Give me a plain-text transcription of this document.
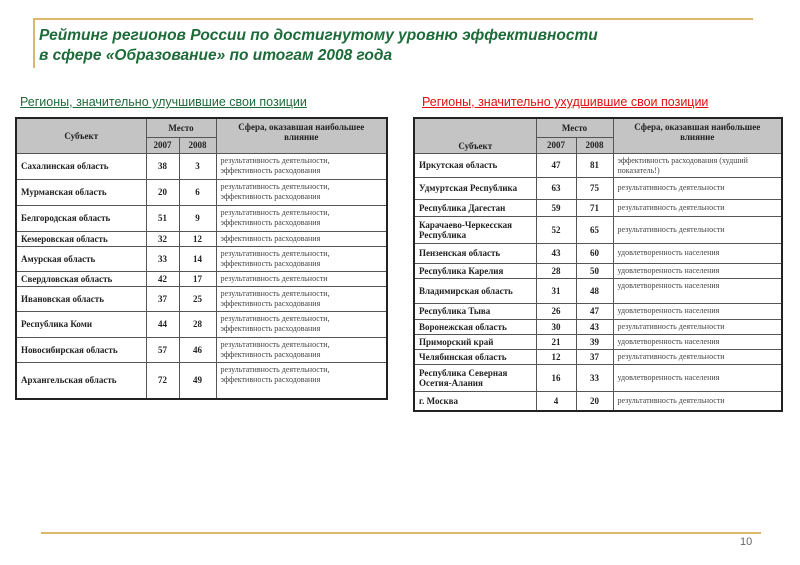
Рейтинг регионов России по достигнутому уровню эффективности
в сфере «Образование» по итогам 2008 года
Регионы, значительно улучшившие свои позиции	Регионы, значительно ухудшившие свои позиции
Субъект	Место		Сфера, оказавшая наибольшее влияние
	2007	2008	
Сахалинская область	38	3	результативность деятельности, эффективность расходования
Мурманская область	20	6	результативность деятельности, эффективность расходования
Белгородская область	51	9	результативность деятельности, эффективность расходования
Кемеровская область	32	12	эффективность расходования
Амурская область	33	14	результативность деятельности, эффективность расходования
Свердловская область	42	17	результативность деятельности
Ивановская область	37	25	результативность деятельности, эффективность расходования
Республика Коми	44	28	результативность деятельности, эффективность расходования
Новосибирская область	57	46	результативность деятельности, эффективность расходования
Архангельская область	72	49	результативность деятельности, эффективность расходования
Субъект	Место		Сфера, оказавшая наибольшее влияние
	2007	2008	
Иркутская область	47	81	эффективность расходования (худший показатель!)
Удмуртская Республика	63	75	результативность деятельности
Республика Дагестан	59	71	результативность деятельности
Карачаево-Черкесская Республика	52	65	результативность деятельности
Пензенская область	43	60	удовлетворенность населения
Республика Карелия	28	50	удовлетворенность населения
Владимирская область	31	48	удовлетворенность населения
Республика Тыва	26	47	удовлетворенность населения
Воронежская область	30	43	результативность деятельности
Приморский край	21	39	удовлетворенность населения
Челябинская область	12	37	результативность деятельности
Республика Северная Осетия-Алания	16	33	удовлетворенность населения
г. Москва	4	20	результативность деятельности
10
